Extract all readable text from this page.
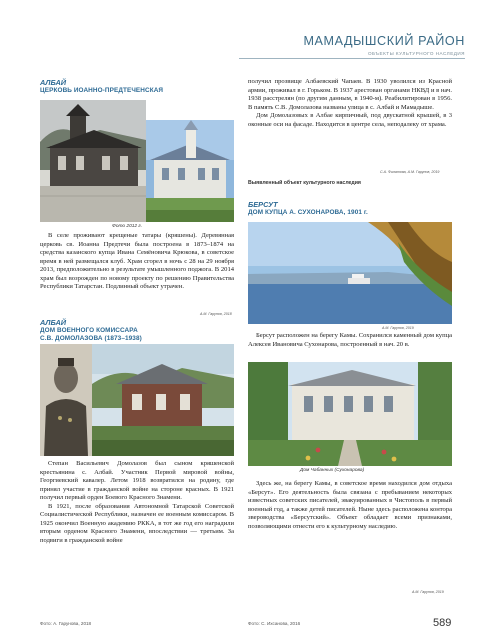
МАМАДЫШСКИЙ РАЙОН
ОБЪЕКТЫ КУЛЬТУРНОГО НАСЛЕДИЯ
АЛБАЙ
ЦЕРКОВЬ ИОАННО-ПРЕДТЕЧЕНСКАЯ
Фото 2012 г.

В селе проживают крещеные татары (кряшены). Деревянная церковь св. Иоанна Предтечи была построена в 1873–1874 на средства казанского купца Ивана Семёновича Крюкова, в советское время в ней размещался клуб. Храм сгорел в ночь с 28 на 29 ноября 2013, предположительно в результате умышленного поджога. В 2014 храм был возрожден по новому проекту по решению Правительства Республики Татарстан. Подлинный объект утрачен.

А.М. Гарунов, 2018
АЛБАЙ
ДОМ ВОЕННОГО КОМИССАРА
С.В. ДОМОЛАЗОВА (1873–1938)

Степан Васильевич Домолазов был сыном кряшенской крестьянина с. Албай. Участник Первой мировой войны, Георгиевский кавалер. Летом 1918 возвратился на родину, где принял участие в гражданской войне на стороне красных. В 1921 получил первый орден Боевого Красного Знамени.

В 1921, после образования Автономной Татарской Советской Социалистической Республики, назначен ее военным комиссаром. В 1925 окончил Военную академию РККА, в тот же год его наградили вторым орденом Красного Знамени, впоследствии — третьим. За подвиги в гражданской войне

Фото: А. Гарунова, 2018

получил прозвище Албаевский Чапаев. В 1930 уволился из Красной армии, проживал в г. Горьком. В 1937 арестован органами НКВД и в нач. 1938 расстрелян (по другим данным, в 1940-м). Реабилитирован в 1956. В память С.В. Домолазова названы улица в с. Албай и Мамадыше.

Дом Домолазовых в Албае кирпичный, под двускатной крышей, в 3 оконные оси на фасаде. Находится в центре села, неподалеку от храма.

С.А. Филатова, А.М. Гарунов, 2019
Выявленный объект культурного наследия
БЕРСУТ
ДОМ КУПЦА А. СУХОНАРОВА, 1901 г.
А.М. Гарунов, 2019

Берсут расположен на берегу Камы. Сохранился каменный дом купца Алексея Ивановича Сухонарова, построенный в нач. 20 в.

Дом Чабанных (Сухонарова)

Здесь же, на берегу Камы, в советское время находился дом отдыха «Берсут». Его деятельность была связана с пребыванием некоторых известных советских писателей, эвакуированных в Чистополь в первый военный год, а также детей писателей. Ныне здесь расположена контора звероводства «Берсутский». Объект обладает всеми признаками, позволяющими отнести его к культурному наследию.

А.М. Гарунов, 2019
Фото: С. Ихсанова, 2016	589
